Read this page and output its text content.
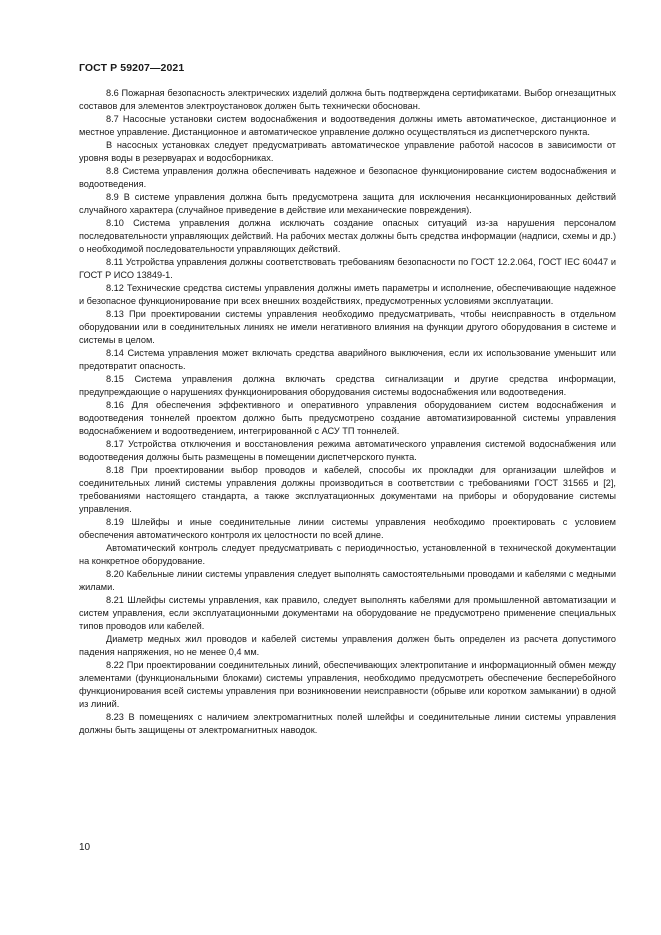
ГОСТ Р 59207—2021

8.6 Пожарная безопасность электрических изделий должна быть подтверждена сертификатами. Выбор огнезащитных составов для элементов электроустановок должен быть технически обоснован.

8.7 Насосные установки систем водоснабжения и водоотведения должны иметь автоматическое, дистанционное и местное управление. Дистанционное и автоматическое управление должно осуществляться из диспетчерского пункта.

В насосных установках следует предусматривать автоматическое управление работой насосов в зависимости от уровня воды в резервуарах и водосборниках.

8.8 Система управления должна обеспечивать надежное и безопасное функционирование систем водоснабжения и водоотведения.

8.9 В системе управления должна быть предусмотрена защита для исключения несанкционированных действий случайного характера (случайное приведение в действие или механические повреждения).

8.10 Система управления должна исключать создание опасных ситуаций из-за нарушения персоналом последовательности управляющих действий. На рабочих местах должны быть средства информации (надписи, схемы и др.) о необходимой последовательности управляющих действий.

8.11 Устройства управления должны соответствовать требованиям безопасности по ГОСТ 12.2.064, ГОСТ IEC 60447 и ГОСТ Р ИСО 13849-1.

8.12 Технические средства системы управления должны иметь параметры и исполнение, обеспечивающие надежное и безопасное функционирование при всех внешних воздействиях, предусмотренных условиями эксплуатации.

8.13 При проектировании системы управления необходимо предусматривать, чтобы неисправность в отдельном оборудовании или в соединительных линиях не имели негативного влияния на функции другого оборудования в системе и системы в целом.

8.14 Система управления может включать средства аварийного выключения, если их использование уменьшит или предотвратит опасность.

8.15 Система управления должна включать средства сигнализации и другие средства информации, предупреждающие о нарушениях функционирования оборудования системы водоснабжения или водоотведения.

8.16 Для обеспечения эффективного и оперативного управления оборудованием систем водоснабжения и водоотведения тоннелей проектом должно быть предусмотрено создание автоматизированной системы управления водоснабжением и водоотведением, интегрированной с АСУ ТП тоннелей.

8.17 Устройства отключения и восстановления режима автоматического управления системой водоснабжения или водоотведения должны быть размещены в помещении диспетчерского пункта.

8.18 При проектировании выбор проводов и кабелей, способы их прокладки для организации шлейфов и соединительных линий системы управления должны производиться в соответствии с требованиями ГОСТ 31565 и [2], требованиями настоящего стандарта, а также эксплуатационных документами на приборы и оборудование системы управления.

8.19 Шлейфы и иные соединительные линии системы управления необходимо проектировать с условием обеспечения автоматического контроля их целостности по всей длине.

Автоматический контроль следует предусматривать с периодичностью, установленной в технической документации на конкретное оборудование.

8.20 Кабельные линии системы управления следует выполнять самостоятельными проводами и кабелями с медными жилами.

8.21 Шлейфы системы управления, как правило, следует выполнять кабелями для промышленной автоматизации и систем управления, если эксплуатационными документами на оборудование не предусмотрено применение специальных типов проводов или кабелей.

Диаметр медных жил проводов и кабелей системы управления должен быть определен из расчета допустимого падения напряжения, но не менее 0,4 мм.

8.22 При проектировании соединительных линий, обеспечивающих электропитание и информационный обмен между элементами (функциональными блоками) системы управления, необходимо предусмотреть обеспечение бесперебойного функционирования всей системы управления при возникновении неисправности (обрыве или коротком замыкании) в одной из линий.

8.23 В помещениях с наличием электромагнитных полей шлейфы и соединительные линии системы управления должны быть защищены от электромагнитных наводок.

10
